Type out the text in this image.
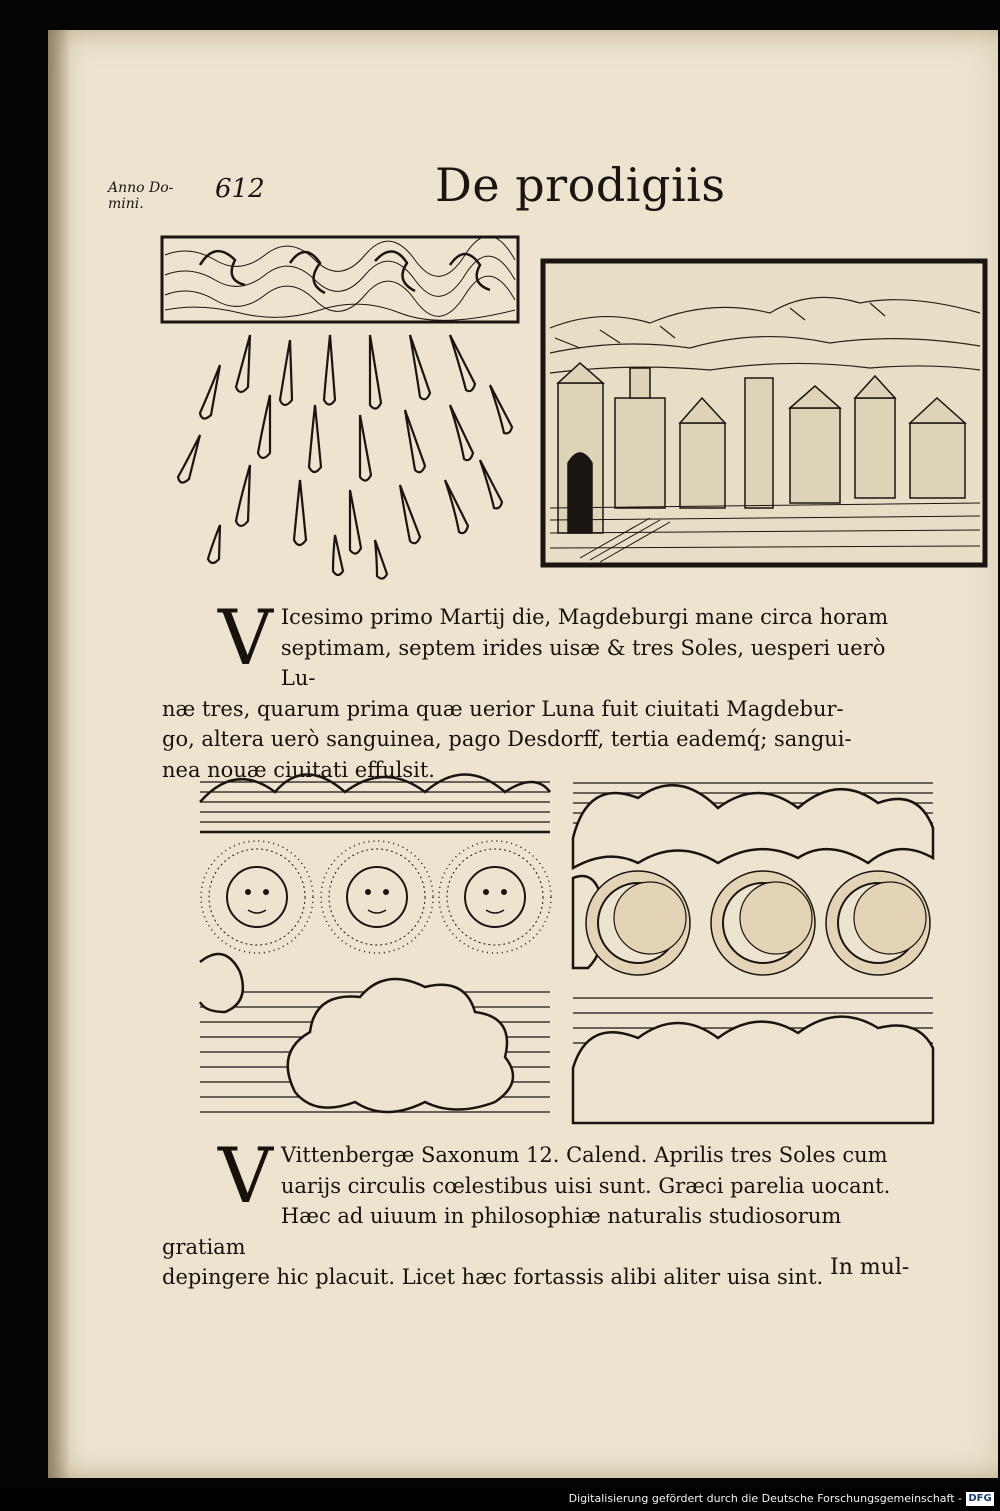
Anno Do-
mini.	612	De prodigiis
V Icesimo primo Martij die, Magdeburgi mane circa horam

septimam, septem irides uisæ & tres Soles, uesperi uerò Lu-

næ tres, quarum prima quæ uerior Luna fuit ciuitati Magdebur-

go, altera uerò sanguinea, pago Desdorff, tertia eademq́; sangui-

nea nouæ ciuitati effulsit.

V Vittenbergæ Saxonum 12. Calend. Aprilis tres Soles cum

uarijs circulis cœlestibus uisi sunt. Græci parelia uocant.

Hæc ad uiuum in philosophiæ naturalis studiosorum gratiam

depingere hic placuit. Licet hæc fortassis alibi aliter uisa sint. In mul-
Digitalisierung gefördert durch die Deutsche Forschungsgemeinschaft - DFG
